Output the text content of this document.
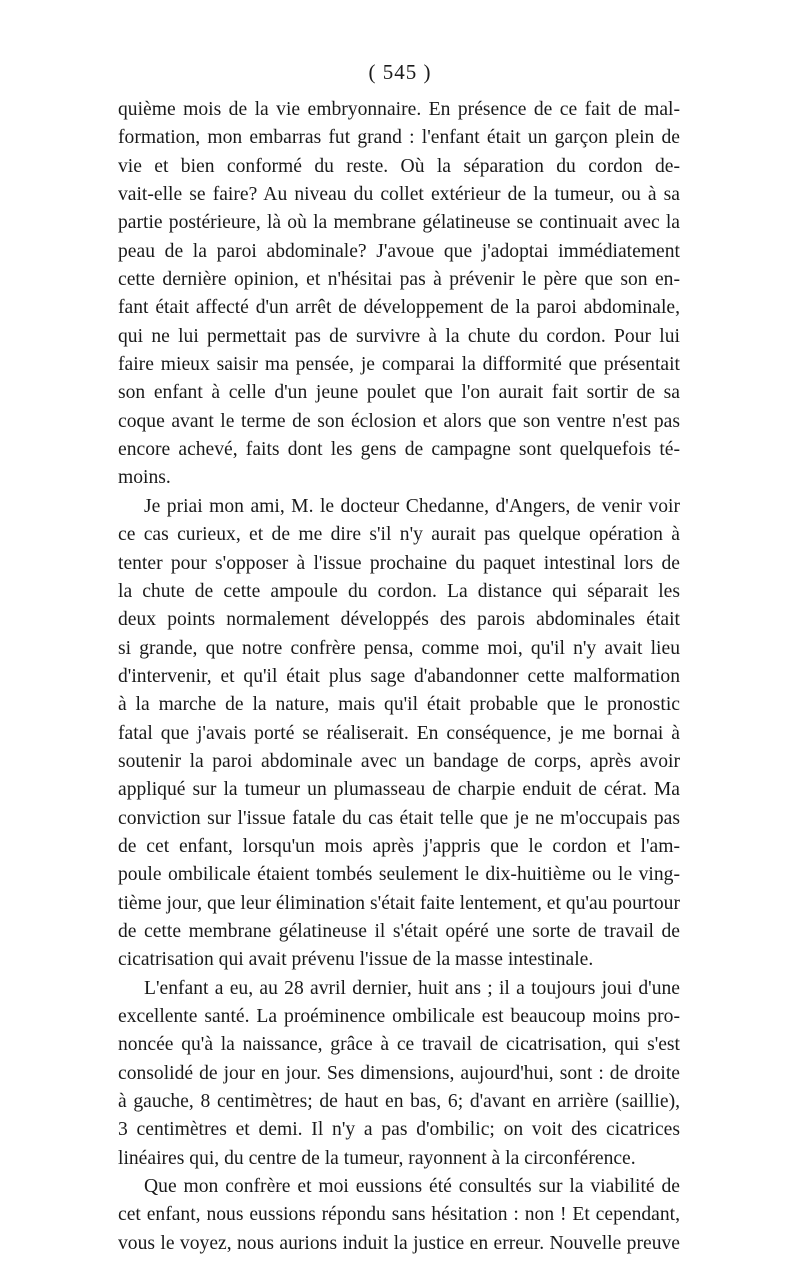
( 545 )
quième mois de la vie embryonnaire. En présence de ce fait de mal-
formation, mon embarras fut grand : l'enfant était un garçon plein de
vie et bien conformé du reste. Où la séparation du cordon de-
vait-elle se faire? Au niveau du collet extérieur de la tumeur, ou à sa
partie postérieure, là où la membrane gélatineuse se continuait avec la
peau de la paroi abdominale? J'avoue que j'adoptai immédiatement
cette dernière opinion, et n'hésitai pas à prévenir le père que son en-
fant était affecté d'un arrêt de développement de la paroi abdominale,
qui ne lui permettait pas de survivre à la chute du cordon. Pour lui
faire mieux saisir ma pensée, je comparai la difformité que présentait
son enfant à celle d'un jeune poulet que l'on aurait fait sortir de sa
coque avant le terme de son éclosion et alors que son ventre n'est pas
encore achevé, faits dont les gens de campagne sont quelquefois té-
moins.
Je priai mon ami, M. le docteur Chedanne, d'Angers, de venir voir
ce cas curieux, et de me dire s'il n'y aurait pas quelque opération à
tenter pour s'opposer à l'issue prochaine du paquet intestinal lors de
la chute de cette ampoule du cordon. La distance qui séparait les
deux points normalement développés des parois abdominales était
si grande, que notre confrère pensa, comme moi, qu'il n'y avait lieu
d'intervenir, et qu'il était plus sage d'abandonner cette malformation
à la marche de la nature, mais qu'il était probable que le pronostic
fatal que j'avais porté se réaliserait. En conséquence, je me bornai à
soutenir la paroi abdominale avec un bandage de corps, après avoir
appliqué sur la tumeur un plumasseau de charpie enduit de cérat. Ma
conviction sur l'issue fatale du cas était telle que je ne m'occupais pas
de cet enfant, lorsqu'un mois après j'appris que le cordon et l'am-
poule ombilicale étaient tombés seulement le dix-huitième ou le ving-
tième jour, que leur élimination s'était faite lentement, et qu'au pourtour
de cette membrane gélatineuse il s'était opéré une sorte de travail de
cicatrisation qui avait prévenu l'issue de la masse intestinale.
L'enfant a eu, au 28 avril dernier, huit ans ; il a toujours joui d'une
excellente santé. La proéminence ombilicale est beaucoup moins pro-
noncée qu'à la naissance, grâce à ce travail de cicatrisation, qui s'est
consolidé de jour en jour. Ses dimensions, aujourd'hui, sont : de droite
à gauche, 8 centimètres; de haut en bas, 6; d'avant en arrière (saillie),
3 centimètres et demi. Il n'y a pas d'ombilic; on voit des cicatrices
linéaires qui, du centre de la tumeur, rayonnent à la circonférence.
Que mon confrère et moi eussions été consultés sur la viabilité de
cet enfant, nous eussions répondu sans hésitation : non ! Et cependant,
vous le voyez, nous aurions induit la justice en erreur. Nouvelle preuve
